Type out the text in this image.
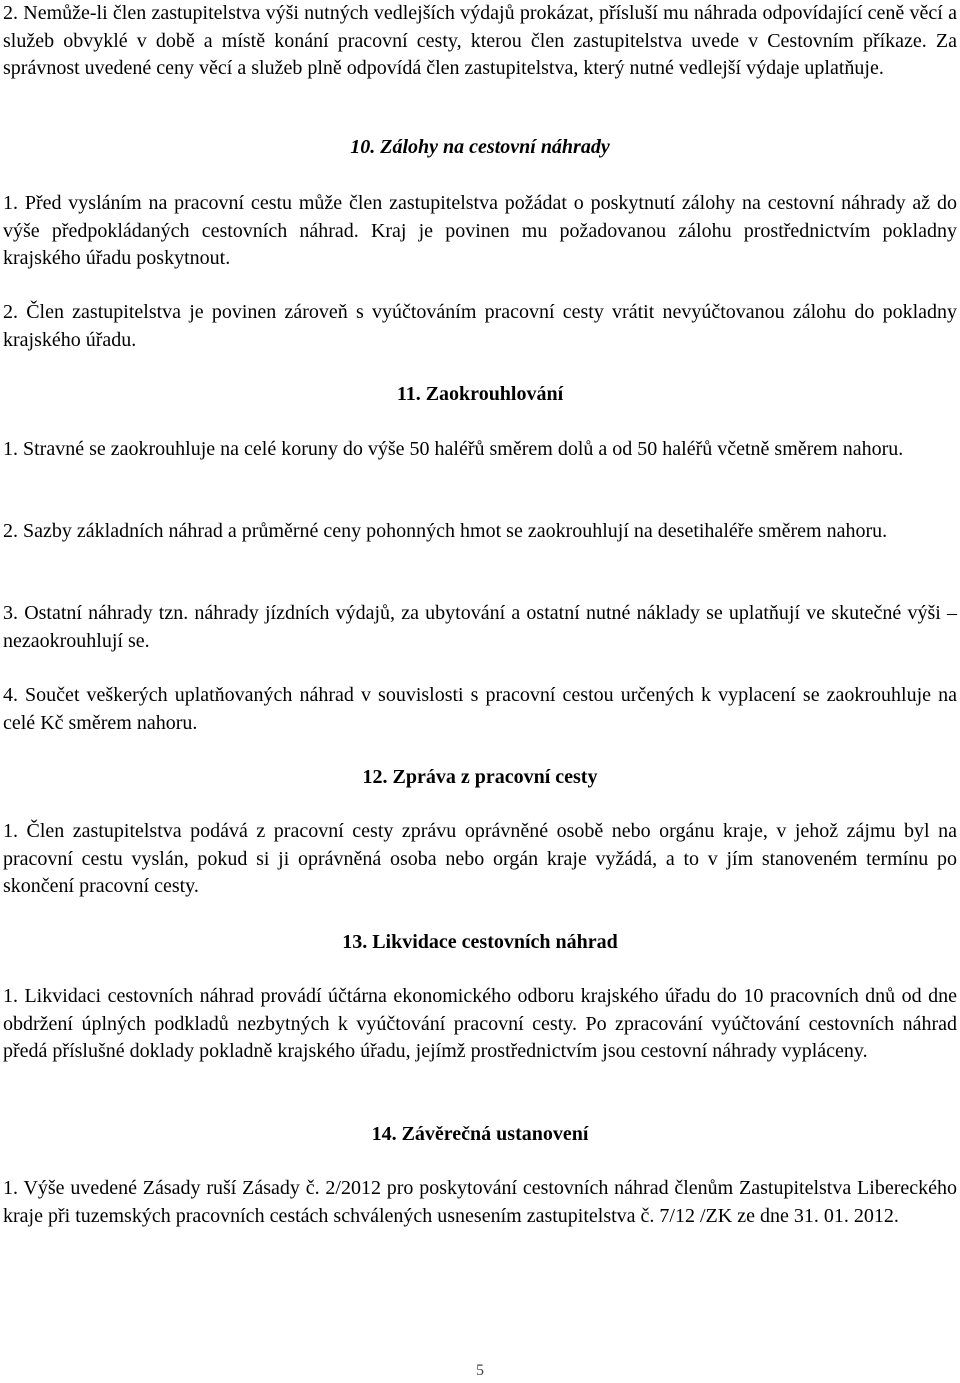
2. Nemůže-li člen zastupitelstva výši nutných vedlejších výdajů prokázat, přísluší mu náhrada odpovídající ceně věcí a služeb obvyklé v době a místě konání pracovní cesty, kterou člen zastupitelstva uvede v Cestovním příkaze. Za správnost uvedené ceny věcí a služeb plně odpovídá člen zastupitelstva, který nutné vedlejší výdaje uplatňuje.

10. Zálohy na cestovní náhrady

1. Před vysláním na pracovní cestu může člen zastupitelstva požádat o poskytnutí zálohy na cestovní náhrady až do výše předpokládaných cestovních náhrad. Kraj je povinen mu požadovanou zálohu prostřednictvím pokladny krajského úřadu poskytnout.

2. Člen zastupitelstva je povinen zároveň s vyúčtováním pracovní cesty vrátit nevyúčtovanou zálohu do pokladny krajského úřadu.

11. Zaokrouhlování

1. Stravné se zaokrouhluje na celé koruny do výše 50 haléřů směrem dolů a od 50 haléřů včetně směrem nahoru.

2. Sazby základních náhrad a průměrné ceny pohonných hmot se zaokrouhlují na desetihaléře směrem nahoru.

3. Ostatní náhrady tzn. náhrady jízdních výdajů, za ubytování a ostatní nutné náklady se uplatňují ve skutečné výši – nezaokrouhlují se.

4. Součet veškerých uplatňovaných náhrad v souvislosti s pracovní cestou určených k vyplacení se zaokrouhluje na celé Kč směrem nahoru.

12. Zpráva z pracovní cesty

1. Člen zastupitelstva podává z pracovní cesty zprávu oprávněné osobě nebo orgánu kraje, v jehož zájmu byl na pracovní cestu vyslán, pokud si ji oprávněná osoba nebo orgán kraje vyžádá, a to v jím stanoveném termínu po skončení pracovní cesty.

13. Likvidace cestovních náhrad

1. Likvidaci cestovních náhrad provádí účtárna ekonomického odboru krajského úřadu do 10 pracovních dnů od dne obdržení úplných podkladů nezbytných k vyúčtování pracovní cesty. Po zpracování vyúčtování cestovních náhrad předá příslušné doklady pokladně krajského úřadu, jejímž prostřednictvím jsou cestovní náhrady vypláceny.

14. Závěrečná ustanovení

1. Výše uvedené Zásady ruší Zásady č. 2/2012 pro poskytování cestovních náhrad členům Zastupitelstva Libereckého kraje při tuzemských pracovních cestách schválených usnesením zastupitelstva č. 7/12 /ZK ze dne 31. 01. 2012.

5
